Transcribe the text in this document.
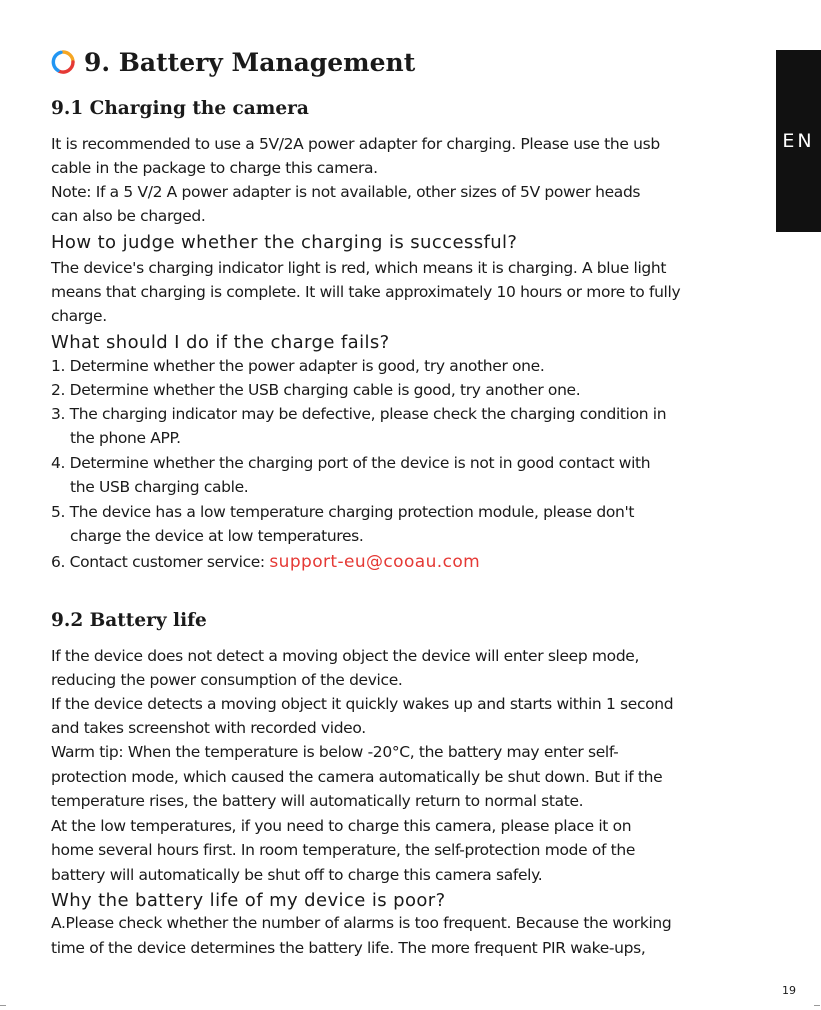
9. Battery Management
EN
9.1 Charging the camera
It is recommended to use a 5V/2A power adapter for charging. Please use the usb
cable in the package to charge this camera.
Note: If a 5 V/2 A power adapter is not available, other sizes of 5V power heads
can also be charged.
How to judge whether the charging is successful?
The device's charging indicator light is red, which means it is charging. A blue light
means that charging is complete. It will take approximately 10 hours or more to fully
charge.
What should I do if the charge fails?
1. Determine whether the power adapter is good, try another one.
2. Determine whether the USB charging cable is good, try another one.
3. The charging indicator may be defective, please check the charging condition in
the phone APP.
4. Determine whether the charging port of the device is not in good contact with
the USB charging cable.
5. The device has a low temperature charging protection module, please don't
charge the device at low temperatures.
6. Contact customer service: support-eu@cooau.com
9.2 Battery life
If the device does not detect a moving object the device will enter sleep mode,
reducing the power consumption of the device.
If the device detects a moving object it quickly wakes up and starts within 1 second
and takes screenshot with recorded video.
Warm tip: When the temperature is below -20°C, the battery may enter self-
protection mode, which caused the camera automatically be shut down. But if the
temperature rises, the battery will automatically return to normal state.
At the low temperatures, if you need to charge this camera, please place it on
home several hours first. In room temperature, the self-protection mode of the
battery will automatically be shut off to charge this camera safely.
Why the battery life of my device is poor?
A.Please check whether the number of alarms is too frequent. Because the working
time of the device determines the battery life. The more frequent PIR wake-ups,
19
